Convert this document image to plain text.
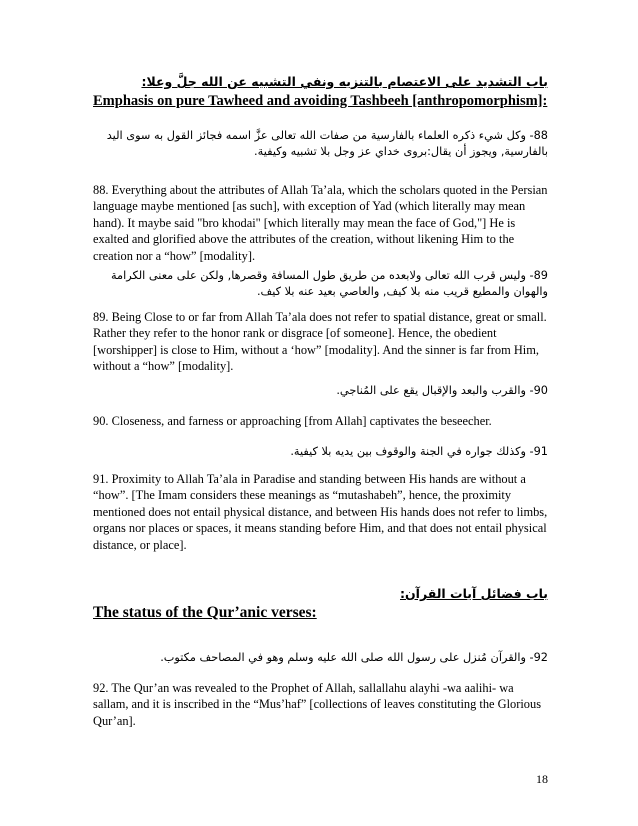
باب التشديد على الاعتصام بالتنزيه ونفي التشبيه عن الله جلَّ وعلا:
Emphasis on pure Tawheed and avoiding Tashbeeh [anthropomorphism]:

88- وكل شيء ذكره العلماء بالفارسية من صفات الله تعالى عزَّ اسمه فجائز القول به سوى اليد بالفارسية, ويجوز أن يقال:بروى خداي عز وجل بلا تشبيه وكيفية.

88. Everything about the attributes of Allah Ta’ala, which the scholars quoted in the Persian language maybe mentioned [as such], with exception of Yad (which literally may mean hand). It maybe said "bro khodai" [which literally may mean the face of God,"] He is exalted and glorified above the attributes of the creation, without likening Him to the creation nor a “how” [modality].

89- وليس قرب الله تعالى ولابعده من طريق طول المسافة وقصرها, ولكن على معنى الكرامة والهوان والمطيع قريب منه بلا كيف, والعاصي بعيد عنه بلا كيف.

89. Being Close to or far from Allah Ta’ala does not refer to spatial distance, great or small. Rather they refer to the honor rank or disgrace [of someone]. Hence, the obedient [worshipper] is close to Him, without a ‘how” [modality]. And the sinner is far from Him, without a “how” [modality].

90- والقرب والبعد والإقبال يقع على المُناجي.

90. Closeness, and farness or approaching [from Allah] captivates the beseecher.

91- وكذلك جواره في الجنة والوقوف بين يديه بلا كيفية.

91. Proximity to Allah Ta’ala in Paradise and standing between His hands are without a “how”. [The Imam considers these meanings as “mutashabeh”, hence, the proximity mentioned does not entail physical distance, and between His hands does not refer to limbs, organs nor places or spaces, it means standing before Him, and that does not entail physical distance, or place].

باب فضائل آيات القرآن:
The status of the Qur’anic verses:

92- والقرآن مُنزل على رسول الله صلى الله عليه وسلم وهو في المصاحف مكتوب.

92. The Qur’an was revealed to the Prophet of Allah, sallallahu alayhi -wa aalihi- wa sallam, and it is inscribed in the “Mus’haf” [collections of leaves constituting the Glorious Qur’an].

18
